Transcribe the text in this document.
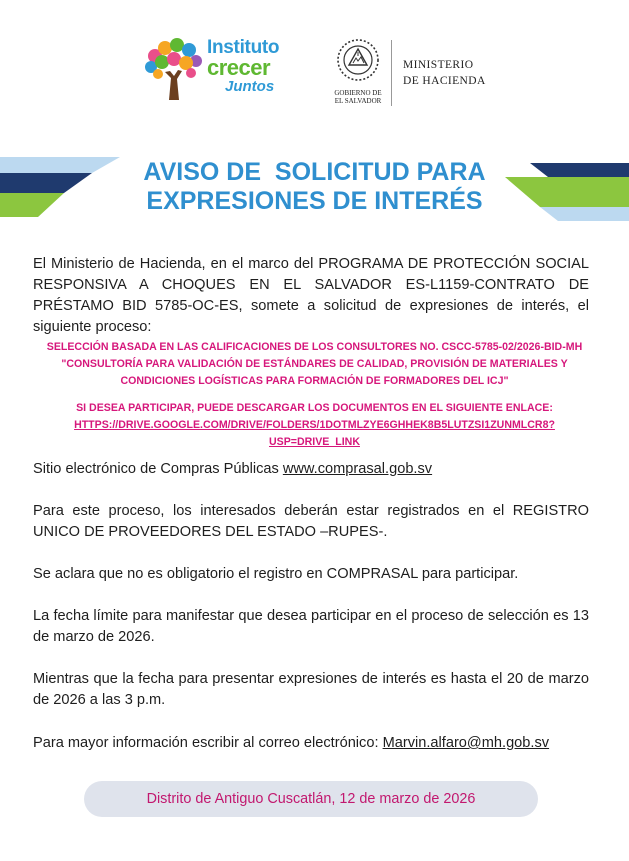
Instituto
crecer
Juntos	GOBIERNO DE
EL SALVADOR
MINISTERIO
DE HACIENDA
AVISO DE  SOLICITUD PARA
EXPRESIONES DE INTERÉS
El Ministerio de Hacienda, en el marco del PROGRAMA DE PROTECCIÓN SOCIAL RESPONSIVA A CHOQUES EN EL SALVADOR ES-L1159-CONTRATO DE PRÉSTAMO BID 5785-OC-ES, somete a solicitud de expresiones de interés, el siguiente proceso:
SELECCIÓN BASADA EN LAS CALIFICACIONES DE LOS CONSULTORES NO. CSCC-5785-02/2026-BID-MH
"CONSULTORÍA PARA VALIDACIÓN DE ESTÁNDARES DE CALIDAD, PROVISIÓN DE MATERIALES Y
CONDICIONES LOGÍSTICAS PARA FORMACIÓN DE FORMADORES DEL ICJ"
SI DESEA PARTICIPAR, PUEDE DESCARGAR LOS DOCUMENTOS EN EL SIGUIENTE ENLACE:
HTTPS://DRIVE.GOOGLE.COM/DRIVE/FOLDERS/1DOTMLZYE6GHHEK8B5LUTZSI1ZUNMLCR8?
USP=DRIVE_LINK
Sitio electrónico de Compras Públicas www.comprasal.gob.sv
Para este proceso, los interesados deberán estar registrados en el REGISTRO UNICO DE PROVEEDORES DEL ESTADO –RUPES-.
Se aclara que no es obligatorio el registro en COMPRASAL para participar.
La fecha límite para manifestar que desea participar en el proceso de selección es 13 de marzo de 2026.
Mientras que la fecha para presentar expresiones de interés es hasta el 20 de marzo de 2026 a las 3 p.m.
Para mayor información escribir al correo electrónico: Marvin.alfaro@mh.gob.sv
Distrito de Antiguo Cuscatlán, 12 de marzo de 2026
